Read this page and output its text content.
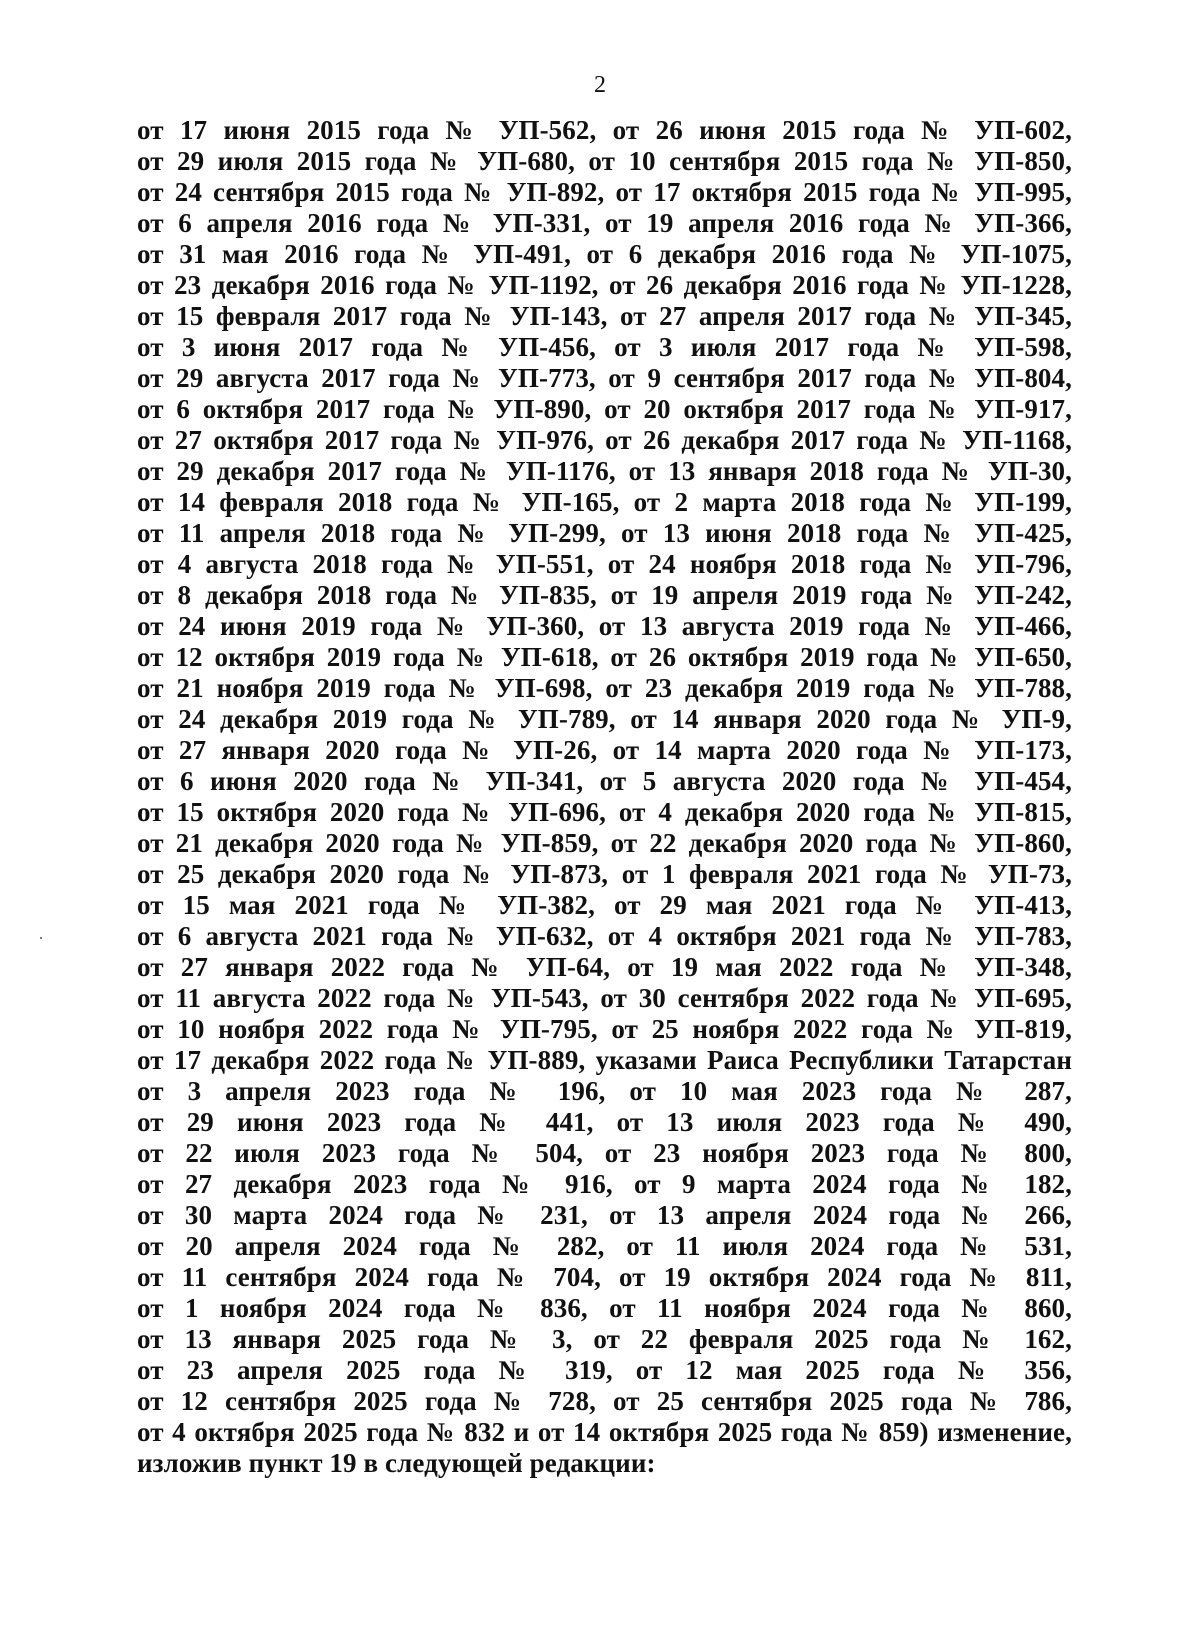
2
от 17 июня 2015 года № УП-562, от 26 июня 2015 года № УП-602,
от 29 июля 2015 года № УП-680, от 10 сентября 2015 года № УП-850,
от 24 сентября 2015 года № УП-892, от 17 октября 2015 года № УП-995,
от 6 апреля 2016 года № УП-331, от 19 апреля 2016 года № УП-366,
от 31 мая 2016 года № УП-491, от 6 декабря 2016 года № УП-1075,
от 23 декабря 2016 года № УП-1192, от 26 декабря 2016 года № УП-1228,
от 15 февраля 2017 года № УП-143, от 27 апреля 2017 года № УП-345,
от 3 июня 2017 года № УП-456, от 3 июля 2017 года № УП-598,
от 29 августа 2017 года № УП-773, от 9 сентября 2017 года № УП-804,
от 6 октября 2017 года № УП-890, от 20 октября 2017 года № УП-917,
от 27 октября 2017 года № УП-976, от 26 декабря 2017 года № УП-1168,
от 29 декабря 2017 года № УП-1176, от 13 января 2018 года № УП-30,
от 14 февраля 2018 года № УП-165, от 2 марта 2018 года № УП-199,
от 11 апреля 2018 года № УП-299, от 13 июня 2018 года № УП-425,
от 4 августа 2018 года № УП-551, от 24 ноября 2018 года № УП-796,
от 8 декабря 2018 года № УП-835, от 19 апреля 2019 года № УП-242,
от 24 июня 2019 года № УП-360, от 13 августа 2019 года № УП-466,
от 12 октября 2019 года № УП-618, от 26 октября 2019 года № УП-650,
от 21 ноября 2019 года № УП-698, от 23 декабря 2019 года № УП-788,
от 24 декабря 2019 года № УП-789, от 14 января 2020 года № УП-9,
от 27 января 2020 года № УП-26, от 14 марта 2020 года № УП-173,
от 6 июня 2020 года № УП-341, от 5 августа 2020 года № УП-454,
от 15 октября 2020 года № УП-696, от 4 декабря 2020 года № УП-815,
от 21 декабря 2020 года № УП-859, от 22 декабря 2020 года № УП-860,
от 25 декабря 2020 года № УП-873, от 1 февраля 2021 года № УП-73,
от 15 мая 2021 года № УП-382, от 29 мая 2021 года № УП-413,
от 6 августа 2021 года № УП-632, от 4 октября 2021 года № УП-783,
от 27 января 2022 года № УП-64, от 19 мая 2022 года № УП-348,
от 11 августа 2022 года № УП-543, от 30 сентября 2022 года № УП-695,
от 10 ноября 2022 года № УП-795, от 25 ноября 2022 года № УП-819,
от 17 декабря 2022 года № УП-889, указами Раиса Республики Татарстан
от 3 апреля 2023 года № 196, от 10 мая 2023 года № 287,
от 29 июня 2023 года № 441, от 13 июля 2023 года № 490,
от 22 июля 2023 года № 504, от 23 ноября 2023 года № 800,
от 27 декабря 2023 года № 916, от 9 марта 2024 года № 182,
от 30 марта 2024 года № 231, от 13 апреля 2024 года № 266,
от 20 апреля 2024 года № 282, от 11 июля 2024 года № 531,
от 11 сентября 2024 года № 704, от 19 октября 2024 года № 811,
от 1 ноября 2024 года № 836, от 11 ноября 2024 года № 860,
от 13 января 2025 года № 3, от 22 февраля 2025 года № 162,
от 23 апреля 2025 года № 319, от 12 мая 2025 года № 356,
от 12 сентября 2025 года № 728, от 25 сентября 2025 года № 786,
от 4 октября 2025 года № 832 и от 14 октября 2025 года № 859) изменение,
изложив пункт 19 в следующей редакции:
